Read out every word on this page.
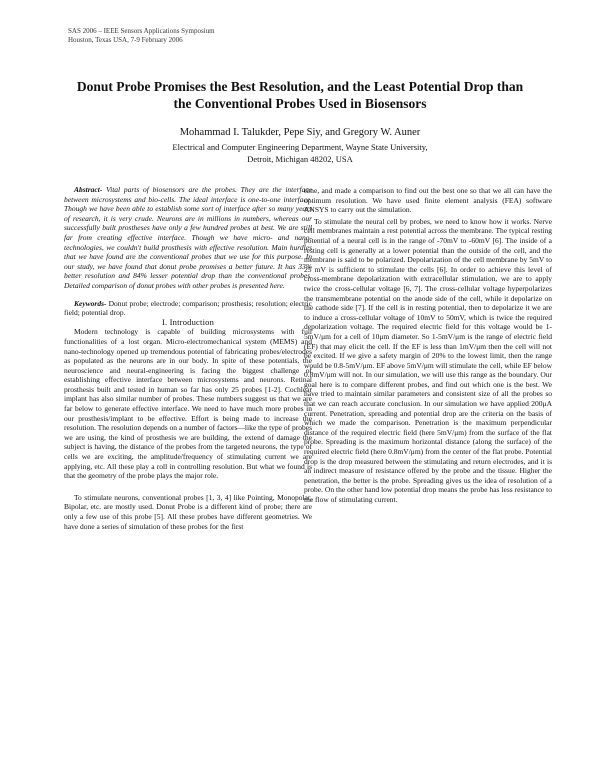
SAS 2006 – IEEE Sensors Applications Symposium
Houston, Texas USA, 7-9 February 2006
Donut Probe Promises the Best Resolution, and the Least Potential Drop than
the Conventional Probes Used in Biosensors
Mohammad I. Talukder, Pepe Siy, and Gregory W. Auner
Electrical and Computer Engineering Department, Wayne State University,
Detroit, Michigan 48202, USA

Abstract- Vital parts of biosensors are the probes. They are the interface between microsystems and bio-cells. The ideal interface is one-to-one interface. Though we have been able to establish some sort of interface after so many years of research, it is very crude. Neurons are in millions in numbers, whereas our successfully built prostheses have only a few hundred probes at best. We are still far from creating effective interface. Though we have micro- and nano-technologies, we couldn't build prosthesis with effective resolution. Main hurdles that we have found are the conventional probes that we use for this purpose. In our study, we have found that donut probe promises a better future. It has 33% better resolution and 84% lesser potential drop than the conventional probes. Detailed comparison of donut probes with other probes is presented here.

Keywords- Donut probe; electrode; comparison; prosthesis; resolution; electric field; potential drop.

I. Introduction

Modern technology is capable of building microsystems with full functionalities of a lost organ. Micro-electromechanical system (MEMS) and nano-technology opened up tremendous potential of fabricating probes/electrodes as populated as the neurons are in our body. In spite of these potentials, the neuroscience and neural-engineering is facing the biggest challenge of establishing effective interface between microsystems and neurons. Retinal prosthesis built and tested in human so far has only 25 probes [1-2]. Cochlear implant has also similar number of probes. These numbers suggest us that we are far below to generate effective interface. We need to have much more probes in our prosthesis/implant to be effective. Effort is being made to increase the resolution. The resolution depends on a number of factors—like the type of probes we are using, the kind of prosthesis we are building, the extend of damage the subject is having, the distance of the probes from the targeted neurons, the type of cells we are exciting, the amplitude/frequency of stimulating current we are applying, etc. All these play a roll in controlling resolution. But what we found is that the geometry of the probe plays the major role.

To stimulate neurons, conventional probes [1, 3, 4] like Pointing, Monopolar, Bipolar, etc. are mostly used. Donut Probe is a different kind of probe; there are only a few use of this probe [5]. All these probes have different geometries. We have done a series of simulation of these probes for the first

time, and made a comparison to find out the best one so that we all can have the optimum resolution. We have used finite element analysis (FEA) software ANSYS to carry out the simulation.

To stimulate the neural cell by probes, we need to know how it works. Nerve cell membranes maintain a rest potential across the membrane. The typical resting potential of a neural cell is in the range of -70mV to -60mV [6]. The inside of a resting cell is generally at a lower potential than the outside of the cell, and the membrane is said to be polarized. Depolarization of the cell membrane by 5mV to 25 mV is sufficient to stimulate the cells [6]. In order to achieve this level of cross-membrane depolarization with extracellular stimulation, we are to apply twice the cross-cellular voltage [6, 7]. The cross-cellular voltage hyperpolarizes the transmembrane potential on the anode side of the cell, while it depolarize on the cathode side [7]. If the cell is in resting potential, then to depolarize it we are to induce a cross-cellular voltage of 10mV to 50mV, which is twice the required depolarization voltage. The required electric field for this voltage would be 1-5mV/μm for a cell of 10μm diameter. So 1-5mV/μm is the range of electric field (EF) that may elicit the cell. If the EF is less than 1mV/μm then the cell will not be excited. If we give a safety margin of 20% to the lowest limit, then the range would be 0.8-5mV/μm. EF above 5mV/μm will stimulate the cell, while EF below 0.8mV/μm will not. In our simulation, we will use this range as the boundary. Our goal here is to compare different probes, and find out which one is the best. We have tried to maintain similar parameters and consistent size of all the probes so that we can reach accurate conclusion. In our simulation we have applied 200μA current. Penetration, spreading and potential drop are the criteria on the basis of which we made the comparison. Penetration is the maximum perpendicular distance of the required electric field (here 5mV/μm) from the surface of the flat probe. Spreading is the maximum horizontal distance (along the surface) of the required electric field (here 0.8mV/μm) from the center of the flat probe. Potential drop is the drop measured between the stimulating and return electrodes, and it is an indirect measure of resistance offered by the probe and the tissue. Higher the penetration, the better is the probe. Spreading gives us the idea of resolution of a probe. On the other hand low potential drop means the probe has less resistance to the flow of stimulating current.
